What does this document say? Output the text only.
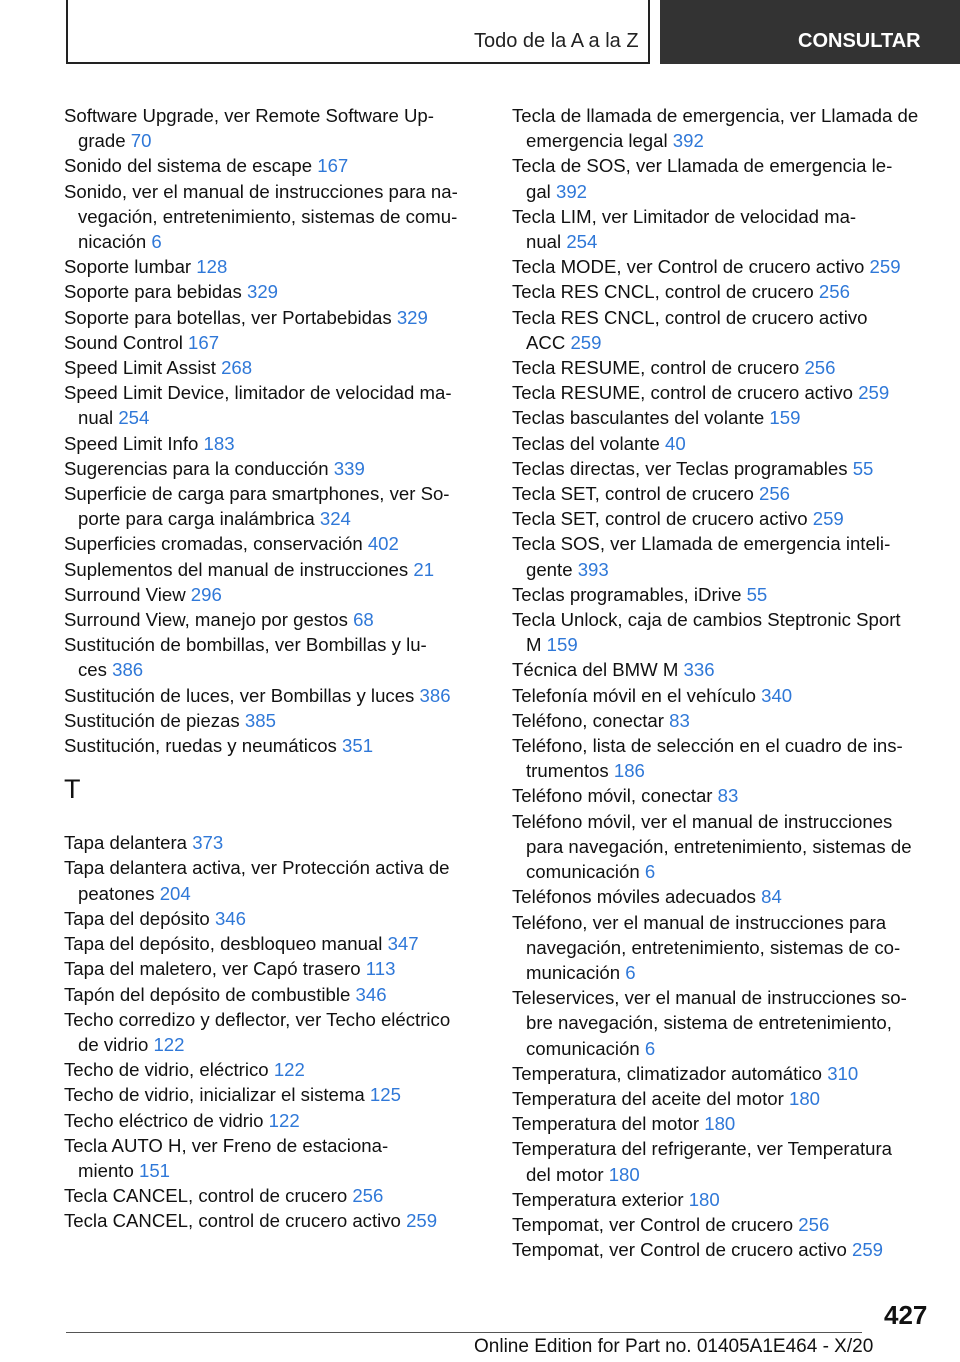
Todo de la A a la Z	CONSULTAR
Software Upgrade, ver Remote Software Up-
grade 70
Sonido del sistema de escape 167
Sonido, ver el manual de instrucciones para na-
vegación, entretenimiento, sistemas de comu-
nicación 6
Soporte lumbar 128
Soporte para bebidas 329
Soporte para botellas, ver Portabebidas 329
Sound Control 167
Speed Limit Assist 268
Speed Limit Device, limitador de velocidad ma-
nual 254
Speed Limit Info 183
Sugerencias para la conducción 339
Superficie de carga para smartphones, ver So-
porte para carga inalámbrica 324
Superficies cromadas, conservación 402
Suplementos del manual de instrucciones 21
Surround View 296
Surround View, manejo por gestos 68
Sustitución de bombillas, ver Bombillas y lu-
ces 386
Sustitución de luces, ver Bombillas y luces 386
Sustitución de piezas 385
Sustitución, ruedas y neumáticos 351
T
Tapa delantera 373
Tapa delantera activa, ver Protección activa de
peatones 204
Tapa del depósito 346
Tapa del depósito, desbloqueo manual 347
Tapa del maletero, ver Capó trasero 113
Tapón del depósito de combustible 346
Techo corredizo y deflector, ver Techo eléctrico
de vidrio 122
Techo de vidrio, eléctrico 122
Techo de vidrio, inicializar el sistema 125
Techo eléctrico de vidrio 122
Tecla AUTO H, ver Freno de estaciona-
miento 151
Tecla CANCEL, control de crucero 256
Tecla CANCEL, control de crucero activo 259
Tecla de llamada de emergencia, ver Llamada de
emergencia legal 392
Tecla de SOS, ver Llamada de emergencia le-
gal 392
Tecla LIM, ver Limitador de velocidad ma-
nual 254
Tecla MODE, ver Control de crucero activo 259
Tecla RES CNCL, control de crucero 256
Tecla RES CNCL, control de crucero activo
ACC 259
Tecla RESUME, control de crucero 256
Tecla RESUME, control de crucero activo 259
Teclas basculantes del volante 159
Teclas del volante 40
Teclas directas, ver Teclas programables 55
Tecla SET, control de crucero 256
Tecla SET, control de crucero activo 259
Tecla SOS, ver Llamada de emergencia inteli-
gente 393
Teclas programables, iDrive 55
Tecla Unlock, caja de cambios Steptronic Sport
M 159
Técnica del BMW M 336
Telefonía móvil en el vehículo 340
Teléfono, conectar 83
Teléfono, lista de selección en el cuadro de ins-
trumentos 186
Teléfono móvil, conectar 83
Teléfono móvil, ver el manual de instrucciones
para navegación, entretenimiento, sistemas de
comunicación 6
Teléfonos móviles adecuados 84
Teléfono, ver el manual de instrucciones para
navegación, entretenimiento, sistemas de co-
municación 6
Teleservices, ver el manual de instrucciones so-
bre navegación, sistema de entretenimiento,
comunicación 6
Temperatura, climatizador automático 310
Temperatura del aceite del motor 180
Temperatura del motor 180
Temperatura del refrigerante, ver Temperatura
del motor 180
Temperatura exterior 180
Tempomat, ver Control de crucero 256
Tempomat, ver Control de crucero activo 259
427
Online Edition for Part no. 01405A1E464 - X/20
